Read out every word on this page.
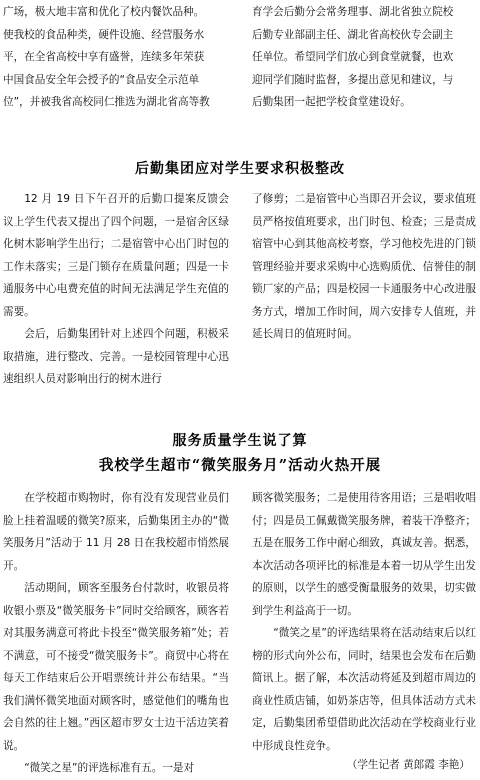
广场，极大地丰富和优化了校内餐饮品种。

使我校的食品种类，硬件设施、经营服务水

平，在全省高校中享有盛誉，连续多年荣获

中国食品安全年会授予的“食品安全示范单

位”，并被我省高校同仁推选为湖北省高等教

育学会后勤分会常务理事、湖北省独立院校

后勤专业部副主任、湖北省高校伙专会副主

任单位。希望同学们放心到食堂就餐，也欢

迎同学们随时监督，多提出意见和建议，与

后勤集团一起把学校食堂建设好。

后勤集团应对学生要求积极整改

12 月 19 日下午召开的后勤口提案反馈会议上学生代表又提出了四个问题，一是宿舍区绿化树木影响学生出行；二是宿管中心出门时包的工作未落实；三是门锁存在质量问题；四是一卡通服务中心电费充值的时间无法满足学生充值的需要。

会后，后勤集团针对上述四个问题，积极采取措施，进行整改、完善。一是校园管理中心迅速组织人员对影响出行的树木进行

了修剪；二是宿管中心当即召开会议，要求值班员严格按值班要求，出门时包、检查；三是责成宿管中心到其他高校考察，学习他校先进的门锁管理经验并要求采购中心选购质优、信誉佳的制锁厂家的产品；四是校园一卡通服务中心改进服务方式，增加工作时间，周六安排专人值班，并延长周日的值班时间。

服务质量学生说了算
我校学生超市“微笑服务月”活动火热开展

在学校超市购物时，你有没有发现营业员们脸上挂着温暖的微笑?原来，后勤集团主办的“微笑服务月”活动于 11 月 28 日在我校超市悄然展开。

活动期间，顾客至服务台付款时，收银员将收银小票及“微笑服务卡”同时交给顾客，顾客若对其服务满意可将此卡投至“微笑服务箱”处；若不满意，可不接受“微笑服务卡”。商贸中心将在每天工作结束后公开唱票统计并公布结果。“当我们满怀微笑地面对顾客时，感觉他们的嘴角也会自然的往上翘。”西区超市罗女士边干活边笑着说。

“微笑之星”的评选标准有五。一是对

顾客微笑服务；二是使用待客用语；三是唱收唱付；四是员工佩戴微笑服务牌，着装干净整齐；五是在服务工作中耐心细致，真诚友善。据悉，本次活动各项评比的标准是本着一切从学生出发的原则，以学生的感受衡量服务的效果，切实做到学生利益高于一切。

“微笑之星”的评选结果将在活动结束后以红榜的形式向外公布，同时，结果也会发布在后勤简讯上。据了解，本次活动将延及到超市周边的商业性质店铺，如奶茶店等，但具体活动方式未定，后勤集团希望借助此次活动在学校商业行业中形成良性竞争。

（学生记者 黄郎霞 李艳）
